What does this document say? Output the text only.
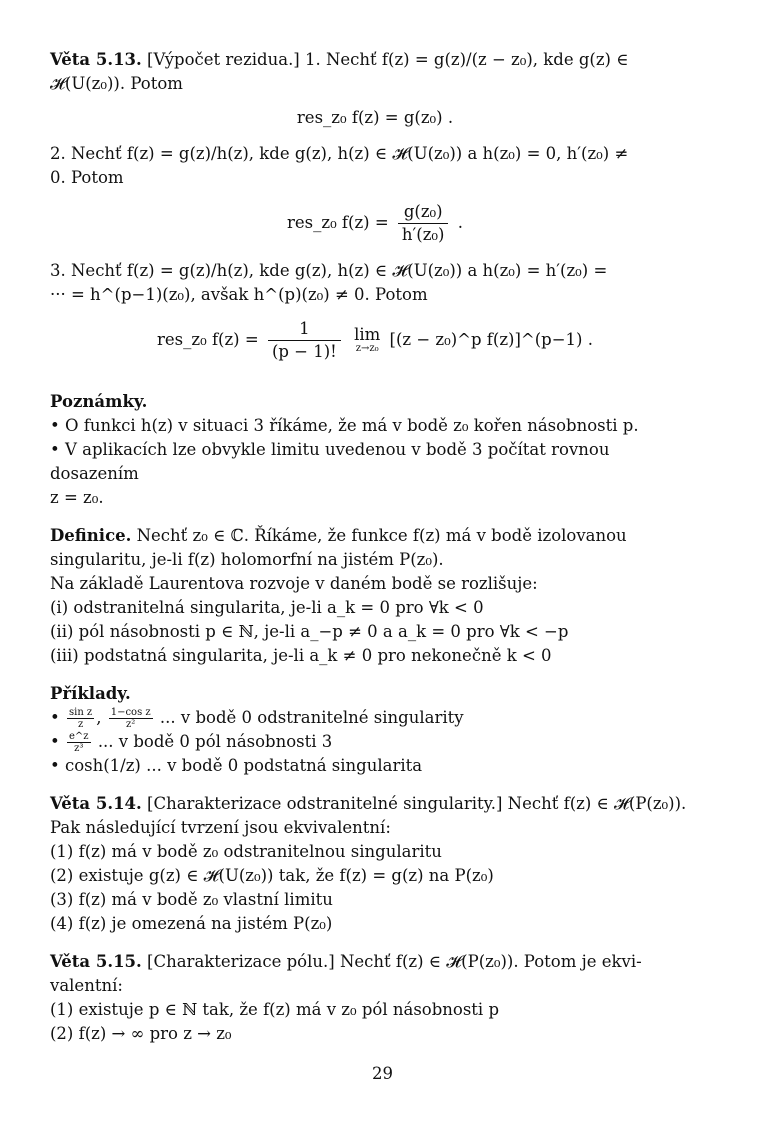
Věta 5.13. [Výpočet rezidua.] 1. Nechť f(z) = g(z)/(z − z₀), kde g(z) ∈
𝓗(U(z₀)). Potom

res_z₀ f(z) = g(z₀) .

2. Nechť f(z) = g(z)/h(z), kde g(z), h(z) ∈ 𝓗(U(z₀)) a h(z₀) = 0, h′(z₀) ≠
0. Potom

res_z₀ $f(z) = \frac{\text{g(z₀)}}{\text{h′(z₀)}}$ .

3. Nechť f(z) = g(z)/h(z), kde g(z), h(z) ∈ 𝓗(U(z₀)) a h(z₀) = h′(z₀) =
··· = h^(p−1)(z₀), avšak h^(p)(z₀) ≠ 0. Potom

res_z₀ $f(z) = \frac{1}{(p - 1)!}$ lim
z→z₀ [(z − z₀)^p f(z)]^(p−1) .

Poznámky.
• O funkci h(z) v situaci 3 říkáme, že má v bodě z₀ kořen násobnosti p.
• V aplikacích lze obvykle limitu uvedenou v bodě 3 počítat rovnou dosazením
z = z₀.

Definice. Nechť z₀ ∈ ℂ. Říkáme, že funkce f(z) má v bodě izolovanou
singularitu, je-li f(z) holomorfní na jistém P(z₀).
Na základě Laurentova rozvoje v daném bodě se rozlišuje:
(i) odstranitelná singularita, je-li a_k = 0 pro ∀k < 0
(ii) pól násobnosti p ∈ ℕ, je-li a_−p ≠ 0 a a_k = 0 pro ∀k < −p
(iii) podstatná singularita, je-li a_k ≠ 0 pro nekonečně k < 0

Příklady.
• $\frac{\text{sin z}}{z}$ , $\frac{\text{1−cos z}}{\text{z²}}$ ... v bodě 0 odstranitelné singularity
• $\frac{e\^{}z}{\text{z³}}$ ... v bodě 0 pól násobnosti 3
• cosh(1/z) ... v bodě 0 podstatná singularita

Věta 5.14. [Charakterizace odstranitelné singularity.] Nechť f(z) ∈ 𝓗(P(z₀)).
Pak následující tvrzení jsou ekvivalentní:
(1) f(z) má v bodě z₀ odstranitelnou singularitu
(2) existuje g(z) ∈ 𝓗(U(z₀)) tak, že f(z) = g(z) na P(z₀)
(3) f(z) má v bodě z₀ vlastní limitu
(4) f(z) je omezená na jistém P(z₀)

Věta 5.15. [Charakterizace pólu.] Nechť f(z) ∈ 𝓗(P(z₀)). Potom je ekvi-
valentní:
(1) existuje p ∈ ℕ tak, že f(z) má v z₀ pól násobnosti p
(2) f(z) → ∞ pro z → z₀

29
